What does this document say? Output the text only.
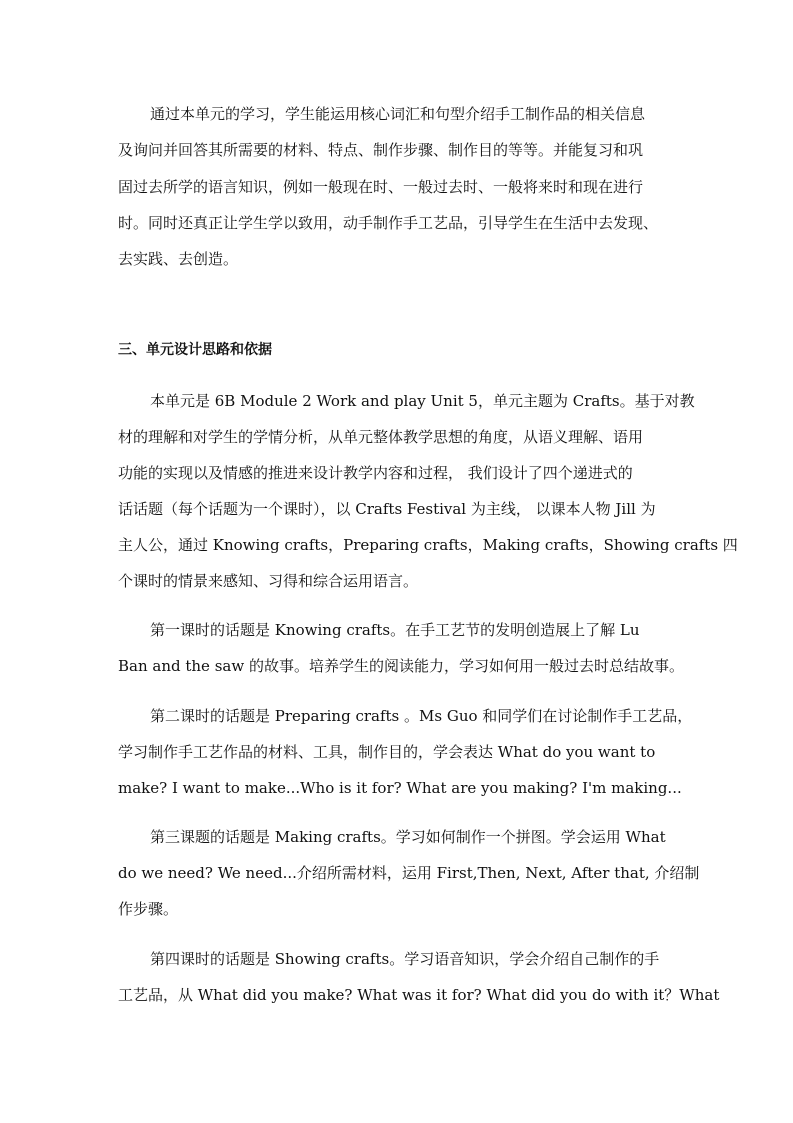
通过本单元的学习，学生能运用核心词汇和句型介绍手工制作品的相关信息
及询问并回答其所需要的材料、特点、制作步骤、制作目的等等。并能复习和巩
固过去所学的语言知识，例如一般现在时、一般过去时、一般将来时和现在进行
时。同时还真正让学生学以致用，动手制作手工艺品，引导学生在生活中去发现、
去实践、去创造。
三、单元设计思路和依据
本单元是 6B Module 2 Work and play Unit 5，单元主题为 Crafts。基于对教
材的理解和对学生的学情分析，从单元整体教学思想的角度，从语义理解、语用
功能的实现以及情感的推进来设计教学内容和过程， 我们设计了四个递进式的
话话题（每个话题为一个课时），以 Crafts Festival 为主线， 以课本人物 Jill 为
主人公，通过 Knowing crafts，Preparing crafts，Making crafts，Showing crafts 四
个课时的情景来感知、习得和综合运用语言。
第一课时的话题是 Knowing crafts。在手工艺节的发明创造展上了解 Lu
Ban and the saw 的故事。培养学生的阅读能力，学习如何用一般过去时总结故事。
第二课时的话题是 Preparing crafts 。Ms Guo 和同学们在讨论制作手工艺品，
学习制作手工艺作品的材料、工具，制作目的，学会表达 What do you want to
make? I want to make...Who is it for? What are you making? I'm making...
第三课题的话题是 Making crafts。学习如何制作一个拼图。学会运用 What
do we need? We need...介绍所需材料，运用 First,Then, Next, After that, 介绍制
作步骤。
第四课时的话题是 Showing crafts。学习语音知识，学会介绍自己制作的手
工艺品，从 What did you make? What was it for? What did you do with it？What
